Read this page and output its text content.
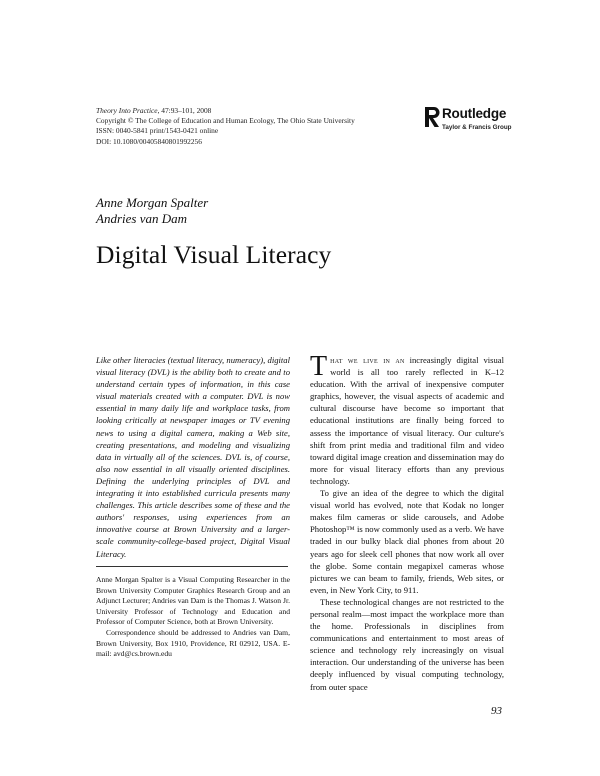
Theory Into Practice, 47:93–101, 2008
Copyright © The College of Education and Human Ecology, The Ohio State University
ISSN: 0040-5841 print/1543-0421 online
DOI: 10.1080/00405840801992256
Routledge
Taylor & Francis Group
Anne Morgan Spalter
Andries van Dam
Digital Visual Literacy
Like other literacies (textual literacy, numeracy), digital visual literacy (DVL) is the ability both to create and to understand certain types of information, in this case visual materials created with a computer. DVL is now essential in many daily life and workplace tasks, from looking critically at newspaper images or TV evening news to using a digital camera, making a Web site, creating presentations, and modeling and visualizing data in virtually all of the sciences. DVL is, of course, also now essential in all visually oriented disciplines. Defining the underlying principles of DVL and integrating it into established curricula presents many challenges. This article describes some of these and the authors' responses, using experiences from an innovative course at Brown University and a larger-scale community-college-based project, Digital Visual Literacy.

Anne Morgan Spalter is a Visual Computing Researcher in the Brown University Computer Graphics Research Group and an Adjunct Lecturer; Andries van Dam is the Thomas J. Watson Jr. University Professor of Technology and Education and Professor of Computer Science, both at Brown University.

Correspondence should be addressed to Andries van Dam, Brown University, Box 1910, Providence, RI 02912, USA. E-mail: avd@cs.brown.edu

That we live in an increasingly digital visual world is all too rarely reflected in K–12 education. With the arrival of inexpensive computer graphics, however, the visual aspects of academic and cultural discourse have become so important that educational institutions are finally being forced to assess the importance of visual literacy. Our culture's shift from print media and traditional film and video toward digital image creation and dissemination may do more for visual literacy efforts than any previous technology.

To give an idea of the degree to which the digital visual world has evolved, note that Kodak no longer makes film cameras or slide carousels, and Adobe Photoshop™ is now commonly used as a verb. We have traded in our bulky black dial phones from about 20 years ago for sleek cell phones that now work all over the globe. Some contain megapixel cameras whose pictures we can beam to family, friends, Web sites, or even, in New York City, to 911.

These technological changes are not restricted to the personal realm—most impact the workplace more than the home. Professionals in disciplines from communications and entertainment to most areas of science and technology rely increasingly on visual interaction. Our understanding of the universe has been deeply influenced by visual computing technology, from outer space

93
